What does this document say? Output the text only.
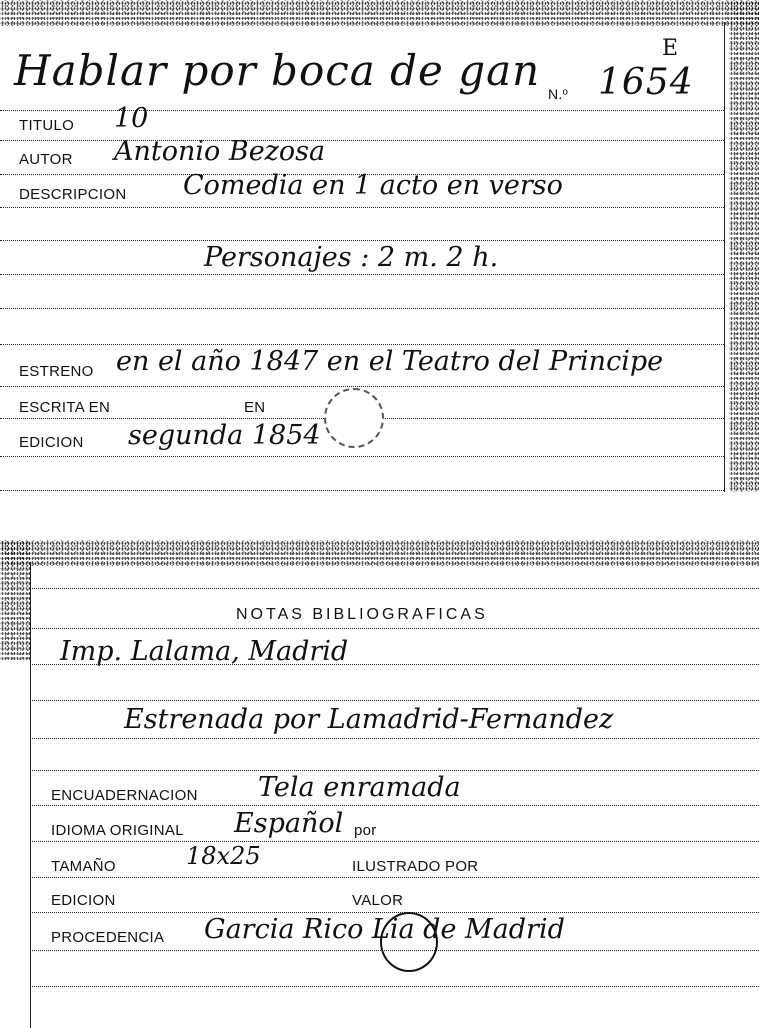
Hablar por boca de gan	E
N.º 1654
TITULO 10
AUTOR Antonio Bezosa
DESCRIPCION Comedia en 1 acto en verso
Personajes : 2 m. 2 h.
ESTRENO en el año 1847 en el Teatro del Principe
ESCRITA EN	EN
EDICION segunda 1854
NOTAS BIBLIOGRAFICAS
Imp. Lalama, Madrid
Estrenada por Lamadrid-Fernandez
ENCUADERNACION Tela enramada
IDIOMA ORIGINAL Español por
TAMAÑO	18x25	ILUSTRADO POR
EDICION	VALOR
PROCEDENCIA Garcia Rico Lia de Madrid
